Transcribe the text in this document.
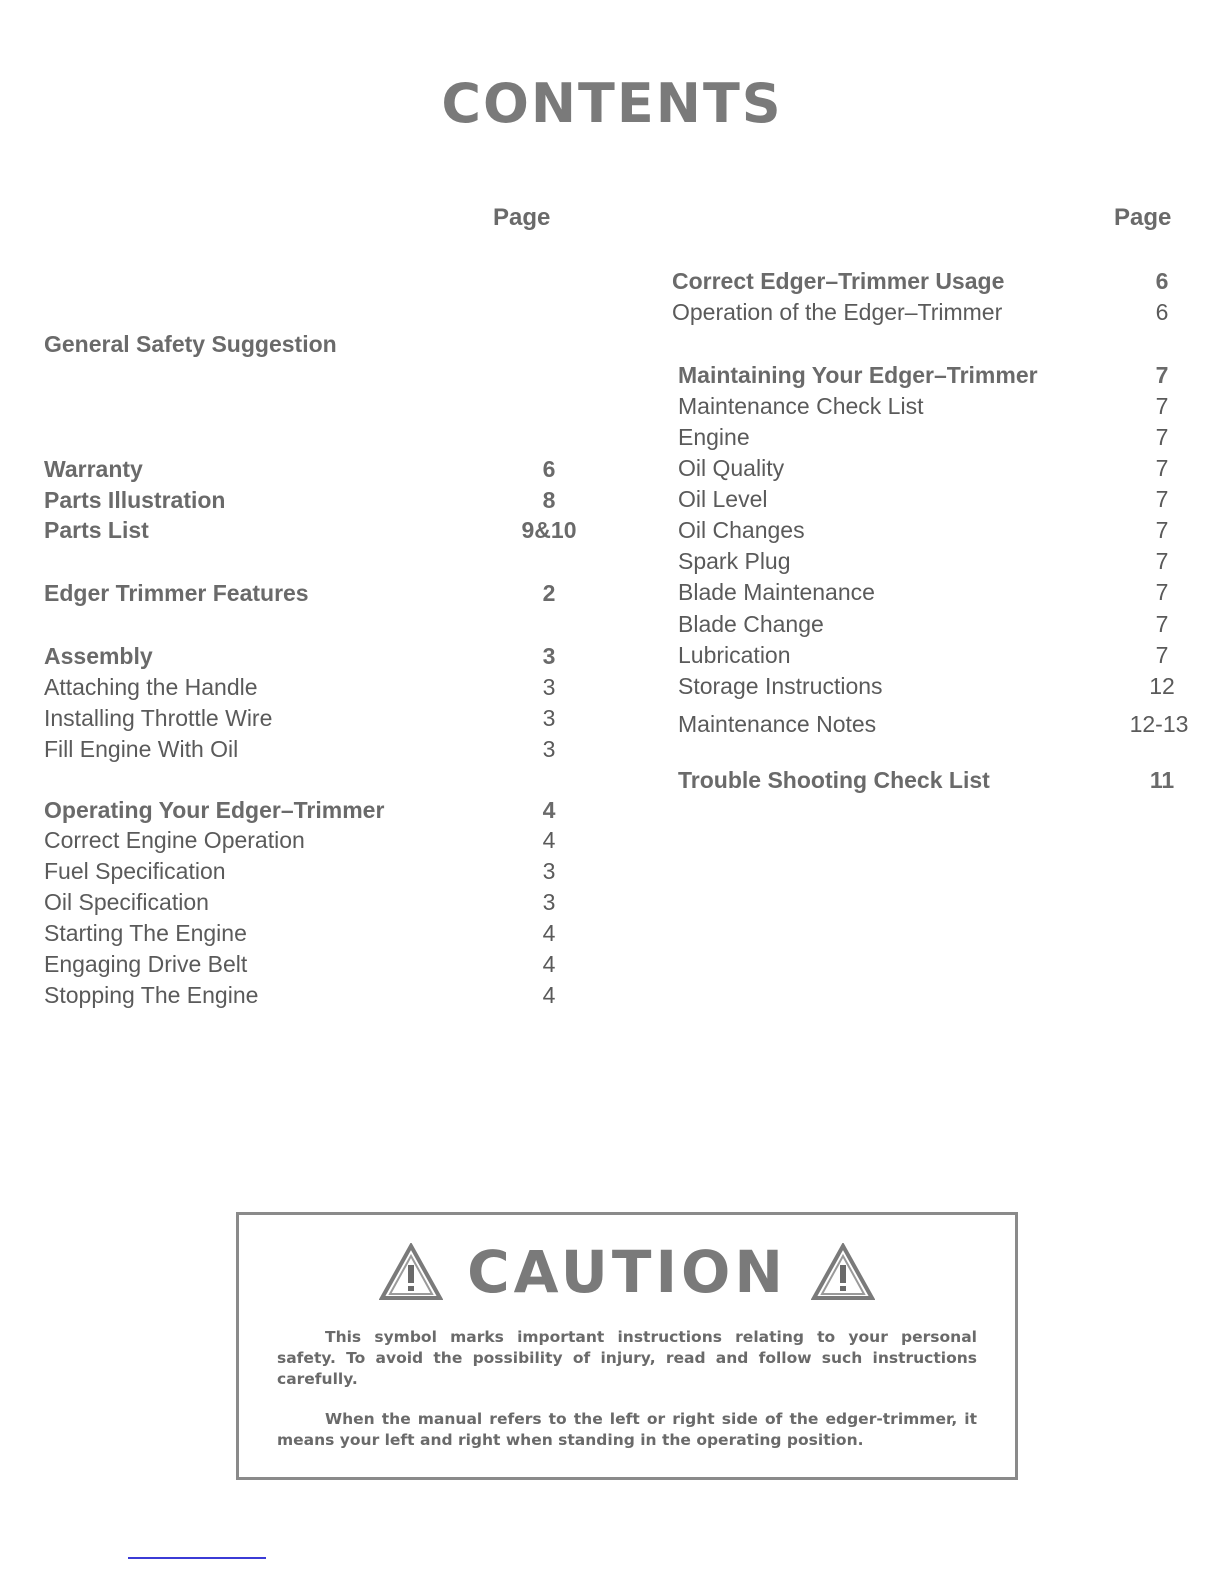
CONTENTS
Page	Page
General Safety Suggestion
Warranty	6
Parts Illustration	8
Parts List	9&10
Edger Trimmer Features	2
Assembly	3
Attaching the Handle	3
Installing Throttle Wire	3
Fill Engine With Oil	3
Operating Your Edger–Trimmer	4
Correct Engine Operation	4
Fuel Specification	3
Oil Specification	3
Starting The Engine	4
Engaging Drive Belt	4
Stopping The Engine	4
Correct Edger–Trimmer Usage	6
Operation of the Edger–Trimmer	6
Maintaining Your Edger–Trimmer	7
Maintenance Check List	7
Engine	7
Oil Quality	7
Oil Level	7
Oil Changes	7
Spark Plug	7
Blade Maintenance	7
Blade Change	7
Lubrication	7
Storage Instructions	12
Maintenance Notes	12-13
Trouble Shooting Check List	11
CAUTION

This symbol marks important instructions relating to your personal safety. To avoid the possibility of injury, read and follow such instructions carefully.

When the manual refers to the left or right side of the edger-trimmer, it means your left and right when standing in the operating position.
